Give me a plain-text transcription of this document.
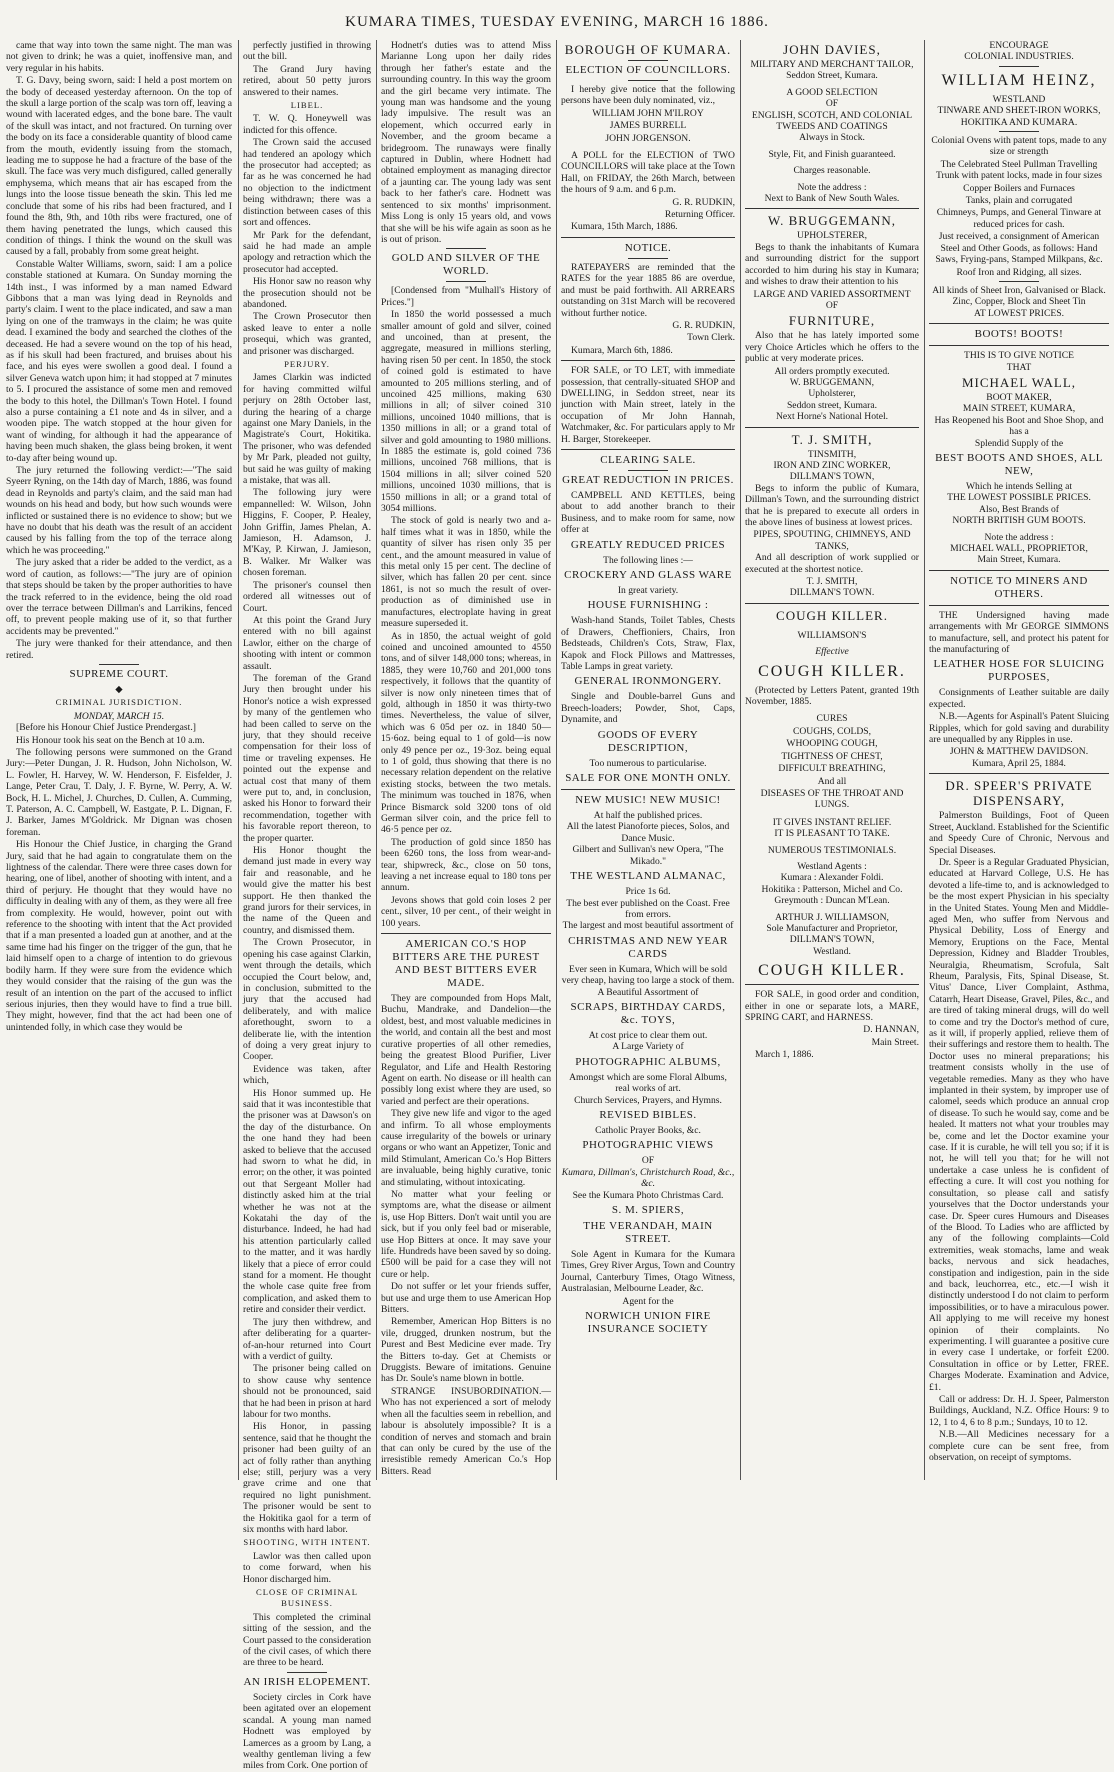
KUMARA TIMES, TUESDAY EVENING, MARCH 16 1886.

came that way into town the same night. The man was not given to drink; he was a quiet, inoffensive man, and very regular in his habits.

T. G. Davy, being sworn, said: I held a post mortem on the body of deceased yesterday afternoon. On the top of the skull a large portion of the scalp was torn off, leaving a wound with lacerated edges, and the bone bare. The vault of the skull was intact, and not fractured. On turning over the body on its face a considerable quantity of blood came from the mouth, evidently issuing from the stomach, leading me to suppose he had a fracture of the base of the skull. The face was very much disfigured, called generally emphysema, which means that air has escaped from the lungs into the loose tissue beneath the skin. This led me conclude that some of his ribs had been fractured, and I found the 8th, 9th, and 10th ribs were fractured, one of them having penetrated the lungs, which caused this condition of things. I think the wound on the skull was caused by a fall, probably from some great height.

Constable Walter Williams, sworn, said: I am a police constable stationed at Kumara. On Sunday morning the 14th inst., I was informed by a man named Edward Gibbons that a man was lying dead in Reynolds and party's claim. I went to the place indicated, and saw a man lying on one of the tramways in the claim; he was quite dead. I examined the body and searched the clothes of the deceased. He had a severe wound on the top of his head, as if his skull had been fractured, and bruises about his face, and his eyes were swollen a good deal. I found a silver Geneva watch upon him; it had stopped at 7 minutes to 5. I procured the assistance of some men and removed the body to this hotel, the Dillman's Town Hotel. I found also a purse containing a £1 note and 4s in silver, and a wooden pipe. The watch stopped at the hour given for want of winding, for although it had the appearance of having been much shaken, the glass being broken, it went to-day after being wound up.

The jury returned the following verdict:—"The said Syeerr Ryning, on the 14th day of March, 1886, was found dead in Reynolds and party's claim, and the said man had wounds on his head and body, but how such wounds were inflicted or sustained there is no evidence to show; but we have no doubt that his death was the result of an accident caused by his falling from the top of the terrace along which he was proceeding."

The jury asked that a rider be added to the verdict, as a word of caution, as follows:—"The jury are of opinion that steps should be taken by the proper authorities to have the track referred to in the evidence, being the old road over the terrace between Dillman's and Larrikins, fenced off, to prevent people making use of it, so that further accidents may be prevented."

The jury were thanked for their attendance, and then retired.

SUPREME COURT.
◆
CRIMINAL JURISDICTION.
MONDAY, MARCH 15.

[Before his Honour Chief Justice Prendergast.]

His Honour took his seat on the Bench at 10 a.m.

The following persons were summoned on the Grand Jury:—Peter Dungan, J. R. Hudson, John Nicholson, W. L. Fowler, H. Harvey, W. W. Henderson, F. Eisfelder, J. Lange, Peter Crau, T. Daly, J. F. Byrne, W. Perry, A. W. Bock, H. L. Michel, J. Churches, D. Cullen, A. Cumming, T. Paterson, A. C. Campbell, W. Eastgate, P. L. Dignan, F. J. Barker, James M'Goldrick. Mr Dignan was chosen foreman.

His Honour the Chief Justice, in charging the Grand Jury, said that he had again to congratulate them on the lightness of the calendar. There were three cases down for hearing, one of libel, another of shooting with intent, and a third of perjury. He thought that they would have no difficulty in dealing with any of them, as they were all free from complexity. He would, however, point out with reference to the shooting with intent that the Act provided that if a man presented a loaded gun at another, and at the same time had his finger on the trigger of the gun, that he laid himself open to a charge of intention to do grievous bodily harm. If they were sure from the evidence which they would consider that the raising of the gun was the result of an intention on the part of the accused to inflict serious injuries, then they would have to find a true bill. They might, however, find that the act had been one of unintended folly, in which case they would be

perfectly justified in throwing out the bill.

The Grand Jury having retired, about 50 petty jurors answered to their names.

LIBEL.

T. W. Q. Honeywell was indicted for this offence.

The Crown said the accused had tendered an apology which the prosecutor had accepted; as far as he was concerned he had no objection to the indictment being withdrawn; there was a distinction between cases of this sort and offences.

Mr Park for the defendant, said he had made an ample apology and retraction which the prosecutor had accepted.

His Honor saw no reason why the prosecution should not be abandoned.

The Crown Prosecutor then asked leave to enter a nolle prosequi, which was granted, and prisoner was discharged.

PERJURY.

James Clarkin was indicted for having committed wilful perjury on 28th October last, during the hearing of a charge against one Mary Daniels, in the Magistrate's Court, Hokitika. The prisoner, who was defended by Mr Park, pleaded not guilty, but said he was guilty of making a mistake, that was all.

The following jury were empannelled: W. Wilson, John Higgins, F. Cooper, P. Healey, John Griffin, James Phelan, A. Jamieson, H. Adamson, J. M'Kay, P. Kirwan, J. Jamieson, B. Walker. Mr Walker was chosen foreman.

The prisoner's counsel then ordered all witnesses out of Court.

At this point the Grand Jury entered with no bill against Lawlor, either on the charge of shooting with intent or common assault.

The foreman of the Grand Jury then brought under his Honor's notice a wish expressed by many of the gentlemen who had been called to serve on the jury, that they should receive compensation for their loss of time or traveling expenses. He pointed out the expense and actual cost that many of them were put to, and, in conclusion, asked his Honor to forward their recommendation, together with his favorable report thereon, to the proper quarter.

His Honor thought the demand just made in every way fair and reasonable, and he would give the matter his best support. He then thanked the grand jurors for their services, in the name of the Queen and country, and dismissed them.

The Crown Prosecutor, in opening his case against Clarkin, went through the details, which occupied the Court below, and, in conclusion, submitted to the jury that the accused had deliberately, and with malice aforethought, sworn to a deliberate lie, with the intention of doing a very great injury to Cooper.

Evidence was taken, after which,

His Honor summed up. He said that it was incontestible that the prisoner was at Dawson's on the day of the disturbance. On the one hand they had been asked to believe that the accused had sworn to what he did, in error; on the other, it was pointed out that Sergeant Moller had distinctly asked him at the trial whether he was not at the Kokatahi the day of the disturbance. Indeed, he had had his attention particularly called to the matter, and it was hardly likely that a piece of error could stand for a moment. He thought the whole case quite free from complication, and asked them to retire and consider their verdict.

The jury then withdrew, and after deliberating for a quarter-of-an-hour returned into Court with a verdict of guilty.

The prisoner being called on to show cause why sentence should not be pronounced, said that he had been in prison at hard labour for two months.

His Honor, in passing sentence, said that he thought the prisoner had been guilty of an act of folly rather than anything else; still, perjury was a very grave crime and one that required no light punishment. The prisoner would be sent to the Hokitika gaol for a term of six months with hard labor.

SHOOTING, WITH INTENT.

Lawlor was then called upon to come forward, when his Honor discharged him.

CLOSE OF CRIMINAL BUSINESS.

This completed the criminal sitting of the session, and the Court passed to the consideration of the civil cases, of which there are three to be heard.

AN IRISH ELOPEMENT.

Society circles in Cork have been agitated over an elopement scandal. A young man named Hodnett was employed by Lamerces as a groom by Lang, a wealthy gentleman living a few miles from Cork. One portion of

Hodnett's duties was to attend Miss Marianne Long upon her daily rides through her father's estate and the surrounding country. In this way the groom and the girl became very intimate. The young man was handsome and the young lady impulsive. The result was an elopement, which occurred early in November, and the groom became a bridegroom. The runaways were finally captured in Dublin, where Hodnett had obtained employment as managing director of a jaunting car. The young lady was sent back to her father's care. Hodnett was sentenced to six months' imprisonment. Miss Long is only 15 years old, and vows that she will be his wife again as soon as he is out of prison.

GOLD AND SILVER OF THE WORLD.

[Condensed from "Mulhall's History of Prices."]

In 1850 the world possessed a much smaller amount of gold and silver, coined and uncoined, than at present, the aggregate, measured in millions sterling, having risen 50 per cent. In 1850, the stock of coined gold is estimated to have amounted to 205 millions sterling, and of uncoined 425 millions, making 630 millions in all; of silver coined 310 millions, uncoined 1040 millions, that is 1350 millions in all; or a grand total of silver and gold amounting to 1980 millions. In 1885 the estimate is, gold coined 736 millions, uncoined 768 millions, that is 1504 millions in all; silver coined 520 millions, uncoined 1030 millions, that is 1550 millions in all; or a grand total of 3054 millions.

The stock of gold is nearly two and a-half times what it was in 1850, while the quantity of silver has risen only 35 per cent., and the amount measured in value of this metal only 15 per cent. The decline of silver, which has fallen 20 per cent. since 1861, is not so much the result of over-production as of diminished use in manufactures, electroplate having in great measure superseded it.

As in 1850, the actual weight of gold coined and uncoined amounted to 4550 tons, and of silver 148,000 tons; whereas, in 1885, they were 10,760 and 201,000 tons respectively, it follows that the quantity of silver is now only nineteen times that of gold, although in 1850 it was thirty-two times. Nevertheless, the value of silver, which was 6 05d per oz. in 1840 50—15·6oz. being equal to 1 of gold—is now only 49 pence per oz., 19·3oz. being equal to 1 of gold, thus showing that there is no necessary relation dependent on the relative existing stocks, between the two metals. The minimum was touched in 1876, when Prince Bismarck sold 3200 tons of old German silver coin, and the price fell to 46·5 pence per oz.

The production of gold since 1850 has been 6260 tons, the loss from wear-and-tear, shipwreck, &c., close on 50 tons, leaving a net increase equal to 180 tons per annum.

Jevons shows that gold coin loses 2 per cent., silver, 10 per cent., of their weight in 100 years.

AMERICAN CO.'S HOP BITTERS ARE THE PUREST AND BEST BITTERS EVER MADE.

They are compounded from Hops Malt, Buchu, Mandrake, and Dandelion—the oldest, best, and most valuable medicines in the world, and contain all the best and most curative properties of all other remedies, being the greatest Blood Purifier, Liver Regulator, and Life and Health Restoring Agent on earth. No disease or ill health can possibly long exist where they are used, so varied and perfect are their operations.

They give new life and vigor to the aged and infirm. To all whose employments cause irregularity of the bowels or urinary organs or who want an Appetizer, Tonic and mild Stimulant, American Co.'s Hop Bitters are invaluable, being highly curative, tonic and stimulating, without intoxicating.

No matter what your feeling or symptoms are, what the disease or ailment is, use Hop Bitters. Don't wait until you are sick, but if you only feel bad or miserable, use Hop Bitters at once. It may save your life. Hundreds have been saved by so doing. £500 will be paid for a case they will not cure or help.

Do not suffer or let your friends suffer, but use and urge them to use American Hop Bitters.

Remember, American Hop Bitters is no vile, drugged, drunken nostrum, but the Purest and Best Medicine ever made. Try the Bitters to-day. Get at Chemists or Druggists. Beware of imitations. Genuine has Dr. Soule's name blown in bottle.

STRANGE INSUBORDINATION.—Who has not experienced a sort of melody when all the faculties seem in rebellion, and labour is absolutely impossible? It is a condition of nerves and stomach and brain that can only be cured by the use of the irresistible remedy American Co.'s Hop Bitters. Read

BOROUGH OF KUMARA.
ELECTION OF COUNCILLORS.

I hereby give notice that the following persons have been duly nominated, viz.,

WILLIAM JOHN M'ILROY
JAMES BURRELL
JOHN JORGENSON.

A POLL for the ELECTION of TWO COUNCILLORS will take place at the Town Hall, on FRIDAY, the 26th March, between the hours of 9 a.m. and 6 p.m.

G. R. RUDKIN,

Returning Officer.

Kumara, 15th March, 1886.

NOTICE.

RATEPAYERS are reminded that the RATES for the year 1885 86 are overdue, and must be paid forthwith. All ARREARS outstanding on 31st March will be recovered without further notice.

G. R. RUDKIN,

Town Clerk.

Kumara, March 6th, 1886.

FOR SALE, or TO LET, with immediate possession, that centrally-situated SHOP and DWELLING, in Seddon street, near its junction with Main street, lately in the occupation of Mr John Hannah, Watchmaker, &c. For particulars apply to Mr H. Barger, Storekeeper.

CLEARING SALE.
GREAT REDUCTION IN PRICES.

CAMPBELL AND KETTLES, being about to add another branch to their Business, and to make room for same, now offer at

GREATLY REDUCED PRICES
The following lines :—
CROCKERY AND GLASS WARE
In great variety.
HOUSE FURNISHING :

Wash-hand Stands, Toilet Tables, Chests of Drawers, Cheffioniers, Chairs, Iron Bedsteads, Children's Cots, Straw, Flax, Kapok and Flock Pillows and Mattresses, Table Lamps in great variety.

GENERAL IRONMONGERY.

Single and Double-barrel Guns and Breech-loaders; Powder, Shot, Caps, Dynamite, and

GOODS OF EVERY DESCRIPTION,
Too numerous to particularise.
SALE FOR ONE MONTH ONLY.
NEW MUSIC! NEW MUSIC!
At half the published prices.
All the latest Pianoforte pieces, Solos, and Dance Music.
Gilbert and Sullivan's new Opera, "The Mikado."
THE WESTLAND ALMANAC,
Price 1s 6d.
The best ever published on the Coast. Free from errors.
The largest and most beautiful assortment of
CHRISTMAS AND NEW YEAR CARDS
Ever seen in Kumara, Which will be sold very cheap, having too large a stock of them.
A Beautiful Assortment of
SCRAPS, BIRTHDAY CARDS, &c. TOYS,
At cost price to clear them out.
A Large Variety of
PHOTOGRAPHIC ALBUMS,
Amongst which are some Floral Albums, real works of art.
Church Services, Prayers, and Hymns.
REVISED BIBLES.
Catholic Prayer Books, &c.
PHOTOGRAPHIC VIEWS
OF
Kumara, Dillman's, Christchurch Road, &c., &c.
See the Kumara Photo Christmas Card.
S. M. SPIERS,
THE VERANDAH, MAIN STREET.

Sole Agent in Kumara for the Kumara Times, Grey River Argus, Town and Country Journal, Canterbury Times, Otago Witness, Australasian, Melbourne Leader, &c.

Agent for the
NORWICH UNION FIRE INSURANCE SOCIETY
JOHN DAVIES,
MILITARY AND MERCHANT TAILOR,
Seddon Street, Kumara.
A GOOD SELECTION
OF
ENGLISH, SCOTCH, AND COLONIAL TWEEDS AND COATINGS
Always in Stock.
Style, Fit, and Finish guaranteed.
Charges reasonable.
Note the address :
Next to Bank of New South Wales.
W. BRUGGEMANN,
UPHOLSTERER,

Begs to thank the inhabitants of Kumara and surrounding district for the support accorded to him during his stay in Kumara; and wishes to draw their attention to his

LARGE AND VARIED ASSORTMENT
OF
FURNITURE,

Also that he has lately imported some very Choice Articles which he offers to the public at very moderate prices.

All orders promptly executed.
W. BRUGGEMANN,
Upholsterer,
Seddon street, Kumara.
Next Horne's National Hotel.
T. J. SMITH,
TINSMITH,
IRON AND ZINC WORKER,
DILLMAN'S TOWN,

Begs to inform the public of Kumara, Dillman's Town, and the surrounding district that he is prepared to execute all orders in the above lines of business at lowest prices.

PIPES, SPOUTING, CHIMNEYS, AND TANKS,

And all description of work supplied or executed at the shortest notice.

T. J. SMITH,
DILLMAN'S TOWN.
COUGH KILLER.
WILLIAMSON'S
Effective
COUGH KILLER.

(Protected by Letters Patent, granted 19th November, 1885.

CURES
COUGHS, COLDS,
WHOOPING COUGH,
TIGHTNESS OF CHEST,
DIFFICULT BREATHING,
And all
DISEASES OF THE THROAT AND LUNGS.
IT GIVES INSTANT RELIEF.
IT IS PLEASANT TO TAKE.
NUMEROUS TESTIMONIALS.
Westland Agents :
Kumara : Alexander Foldi.
Hokitika : Patterson, Michel and Co.
Greymouth : Duncan M'Lean.
ARTHUR J. WILLIAMSON,
Sole Manufacturer and Proprietor,
DILLMAN'S TOWN,
Westland.
COUGH KILLER.

FOR SALE, in good order and condition, either in one or separate lots, a MARE, SPRING CART, and HARNESS.

D. HANNAN,

Main Street.

March 1, 1886.

ENCOURAGE
COLONIAL INDUSTRIES.
WILLIAM HEINZ,
WESTLAND
TINWARE AND SHEET-IRON WORKS,
HOKITIKA AND KUMARA.
Colonial Ovens with patent tops, made to any size or strength
The Celebrated Steel Pullman Travelling Trunk with patent locks, made in four sizes
Copper Boilers and Furnaces
Tanks, plain and corrugated
Chimneys, Pumps, and General Tinware at reduced prices for cash.
Just received, a consignment of American Steel and Other Goods, as follows: Hand Saws, Frying-pans, Stamped Milkpans, &c.
Roof Iron and Ridging, all sizes.
All kinds of Sheet Iron, Galvanised or Black.
Zinc, Copper, Block and Sheet Tin
AT LOWEST PRICES.
BOOTS! BOOTS!
THIS IS TO GIVE NOTICE
THAT
MICHAEL WALL,
BOOT MAKER,
MAIN STREET, KUMARA,
Has Reopened his Boot and Shoe Shop, and has a
Splendid Supply of the
BEST BOOTS AND SHOES, ALL NEW,
Which he intends Selling at
THE LOWEST POSSIBLE PRICES.
Also, Best Brands of
NORTH BRITISH GUM BOOTS.
Note the address :
MICHAEL WALL, PROPRIETOR,
Main Street, Kumara.
NOTICE TO MINERS AND OTHERS.

THE Undersigned having made arrangements with Mr GEORGE SIMMONS to manufacture, sell, and protect his patent for the manufacturing of

LEATHER HOSE FOR SLUICING PURPOSES,

Consignments of Leather suitable are daily expected.

N.B.—Agents for Aspinall's Patent Sluicing Ripples, which for gold saving and durability are unequalled by any Ripples in use.

JOHN & MATTHEW DAVIDSON.
Kumara, April 25, 1884.
DR. SPEER'S PRIVATE DISPENSARY,

Palmerston Buildings, Foot of Queen Street, Auckland. Established for the Scientific and Speedy Cure of Chronic, Nervous and Special Diseases.

Dr. Speer is a Regular Graduated Physician, educated at Harvard College, U.S. He has devoted a life-time to, and is acknowledged to be the most expert Physician in his specialty in the United States. Young Men and Middle-aged Men, who suffer from Nervous and Physical Debility, Loss of Energy and Memory, Eruptions on the Face, Mental Depression, Kidney and Bladder Troubles, Neuralgia, Rheumatism, Scrofula, Salt Rheum, Paralysis, Fits, Spinal Disease, St. Vitus' Dance, Liver Complaint, Asthma, Catarrh, Heart Disease, Gravel, Piles, &c., and are tired of taking mineral drugs, will do well to come and try the Doctor's method of cure, as it will, if properly applied, relieve them of their sufferings and restore them to health. The Doctor uses no mineral preparations; his treatment consists wholly in the use of vegetable remedies. Many as they who have implanted in their system, by improper use of calomel, seeds which produce an annual crop of disease. To such he would say, come and be healed. It matters not what your troubles may be, come and let the Doctor examine your case. If it is curable, he will tell you so; if it is not, he will tell you that; for he will not undertake a case unless he is confident of effecting a cure. It will cost you nothing for consultation, so please call and satisfy yourselves that the Doctor understands your case. Dr. Speer cures Humours and Diseases of the Blood. To Ladies who are afflicted by any of the following complaints—Cold extremities, weak stomachs, lame and weak backs, nervous and sick headaches, constipation and indigestion, pain in the side and back, leuchorrea, etc., etc.—I wish it distinctly understood I do not claim to perform impossibilities, or to have a miraculous power. All applying to me will receive my honest opinion of their complaints. No experimenting. I will guarantee a positive cure in every case I undertake, or forfeit £200. Consultation in office or by Letter, FREE. Charges Moderate. Examination and Advice, £1.

Call or address: Dr. H. J. Speer, Palmerston Buildings, Auckland, N.Z. Office Hours: 9 to 12, 1 to 4, 6 to 8 p.m.; Sundays, 10 to 12.

N.B.—All Medicines necessary for a complete cure can be sent free, from observation, on receipt of symptoms.
